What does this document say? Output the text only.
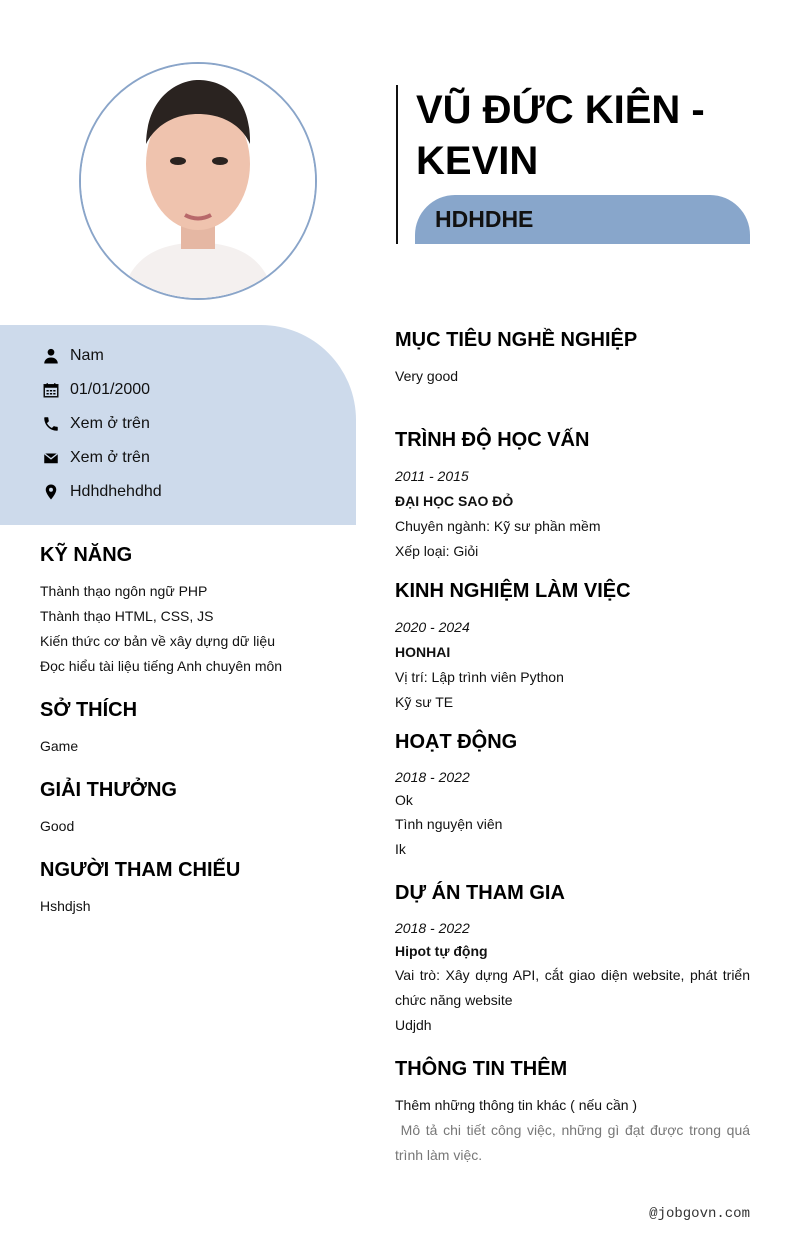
VŨ ĐỨC KIÊN - KEVIN
HDHDHE
Nam
01/01/2000
Xem ở trên
Xem ở trên
Hdhdhehdhd
KỸ NĂNG
Thành thạo ngôn ngữ PHP
Thành thạo HTML, CSS, JS
Kiến thức cơ bản về xây dựng dữ liệu
Đọc hiểu tài liệu tiếng Anh chuyên môn
SỞ THÍCH
Game
GIẢI THƯỞNG
Good
NGƯỜI THAM CHIẾU
Hshdjsh
MỤC TIÊU NGHỀ NGHIỆP
Very good
TRÌNH ĐỘ HỌC VẤN
2011 - 2015
ĐẠI HỌC SAO ĐỎ
Chuyên ngành: Kỹ sư phần mềm
Xếp loại: Giỏi
KINH NGHIỆM LÀM VIỆC
2020 - 2024
HONHAI
Vị trí: Lập trình viên Python
Kỹ sư TE
HOẠT ĐỘNG
2018 - 2022
Ok
Tình nguyện viên
Ik
DỰ ÁN THAM GIA
2018 - 2022
Hipot tự động
Vai trò: Xây dựng API, cắt giao diện website, phát triển chức năng website
Udjdh
THÔNG TIN THÊM
Thêm những thông tin khác ( nếu cần )
Mô tả chi tiết công việc, những gì đạt được trong quá trình làm việc.
@jobgovn.com
